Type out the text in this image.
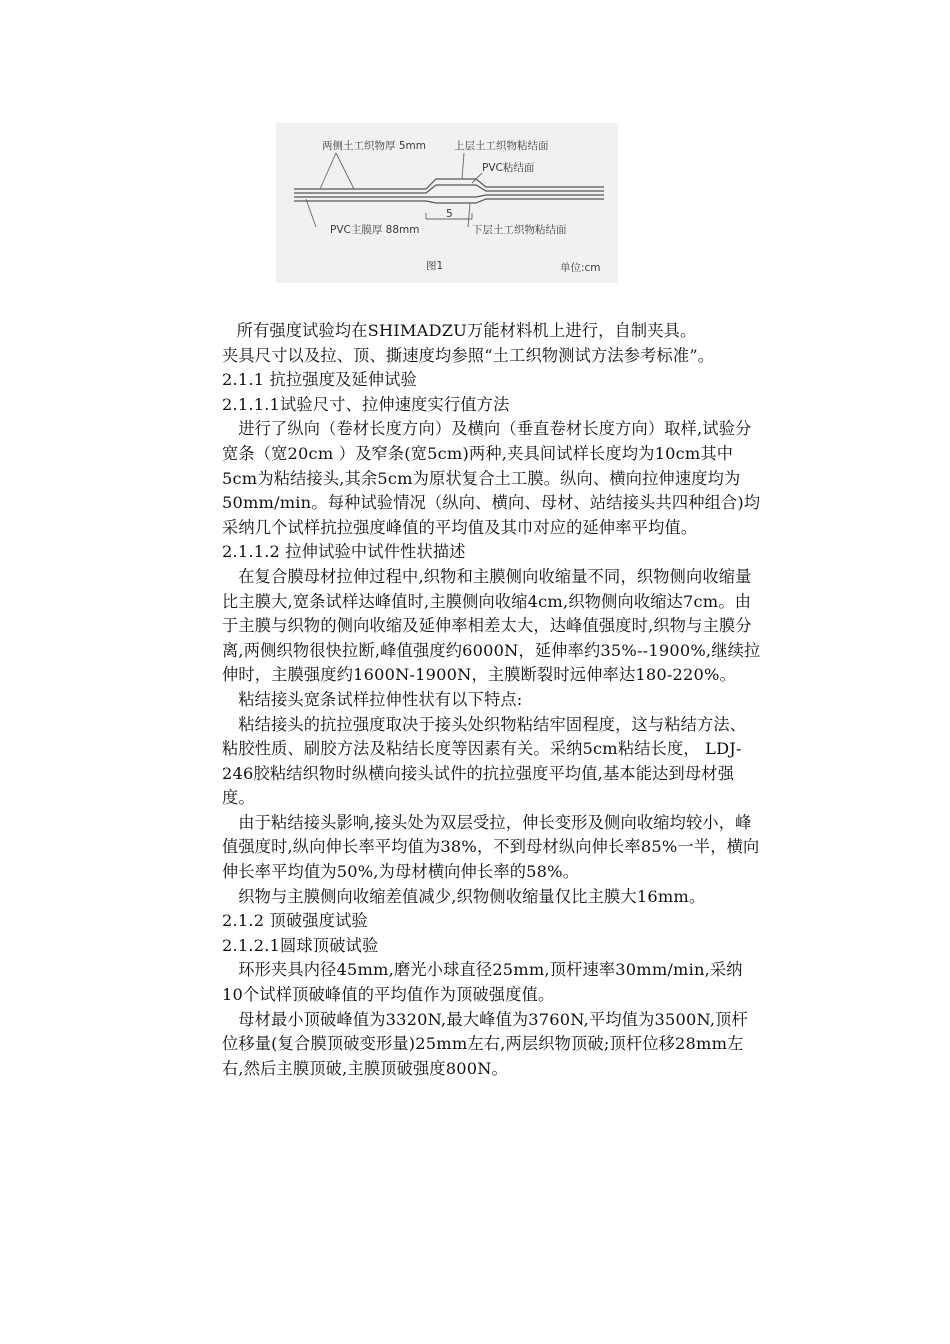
两侧土工织物厚 5mm	上层土工织物粘结面
PVC粘结面
PVC主膜厚 88mm
5
下层土工织物粘结面
图1	单位:cm

所有强度试验均在SHIMADZU万能材料机上进行，自制夹具。

夹具尺寸以及拉、顶、撕速度均参照“土工织物测试方法参考标准”。

2.1.1 抗拉强度及延伸试验

2.1.1.1试验尺寸、拉伸速度实行值方法

进行了纵向（卷材长度方向）及横向（垂直卷材长度方向）取样,试验分宽条（宽20cm ）及窄条(宽5cm)两种,夹具间试样长度均为10cm其中5cm为粘结接头,其余5cm为原状复合土工膜。纵向、横向拉伸速度均为50mm/min。每种试验情况（纵向、横向、母材、站结接头共四种组合)均采纳几个试样抗拉强度峰值的平均值及其巾对应的延伸率平均值。

2.1.1.2 拉伸试验中试件性状描述

在复合膜母材拉伸过程中,织物和主膜侧向收缩量不同，织物侧向收缩量比主膜大,宽条试样达峰值时,主膜侧向收缩4cm,织物侧向收缩达7cm。由于主膜与织物的侧向收缩及延伸率相差太大，达峰值强度时,织物与主膜分离,两侧织物很快拉断,峰值强度约6000N，延伸率约35%--1900%,继续拉伸时，主膜强度约1600N-1900N，主膜断裂时远伸率达180-220%。

粘结接头宽条试样拉伸性状有以下特点:

粘结接头的抗拉强度取决于接头处织物粘结牢固程度，这与粘结方法、粘胶性质、刷胶方法及粘结长度等因素有关。采纳5cm粘结长度， LDJ-246胶粘结织物时纵横向接头试件的抗拉强度平均值,基本能达到母材强度。

由于粘结接头影响,接头处为双层受拉，伸长变形及侧向收缩均较小，峰值强度时,纵向伸长率平均值为38%，不到母材纵向伸长率85%一半，横向伸长率平均值为50%,为母材横向伸长率的58%。

织物与主膜侧向收缩差值减少,织物侧收缩量仅比主膜大16mm。

2.1.2 顶破强度试验

2.1.2.1圆球顶破试验

环形夹具内径45mm,磨光小球直径25mm,顶杆速率30mm/min,采纳10个试样顶破峰值的平均值作为顶破强度值。

母材最小顶破峰值为3320N,最大峰值为3760N,平均值为3500N,顶杆位移量(复合膜顶破变形量)25mm左右,两层织物顶破;顶杆位移28mm左右,然后主膜顶破,主膜顶破强度800N。
